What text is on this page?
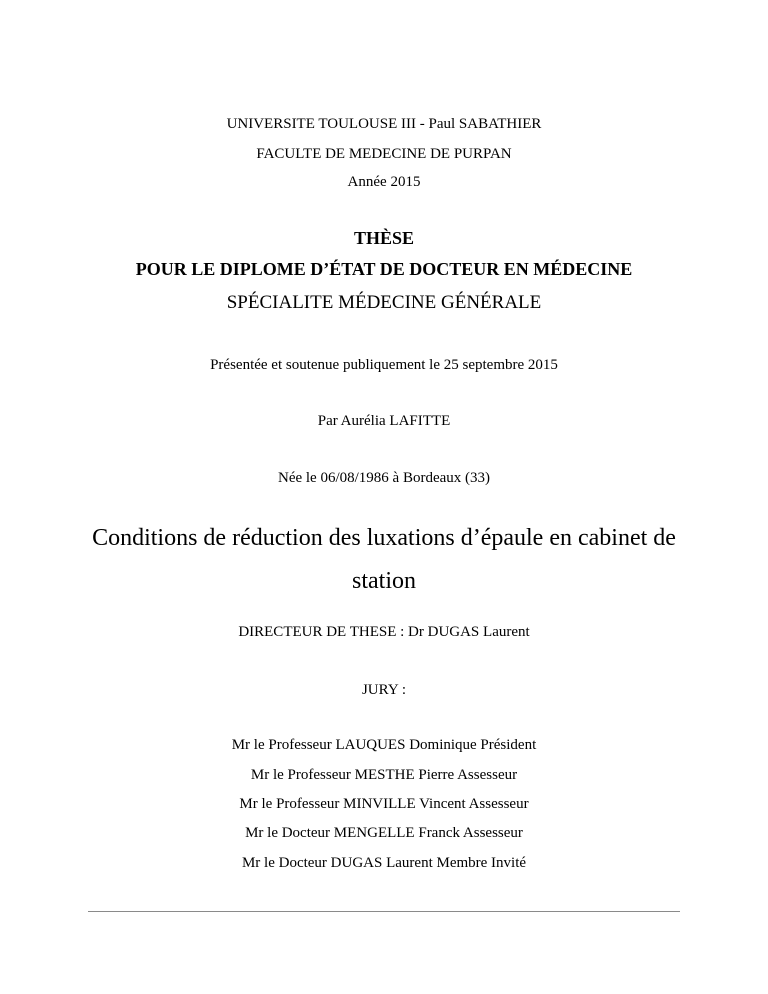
UNIVERSITE TOULOUSE III - Paul SABATHIER
FACULTE DE MEDECINE DE PURPAN
Année 2015
THÈSE
POUR LE DIPLOME D’ÉTAT DE DOCTEUR EN MÉDECINE
SPÉCIALITE MÉDECINE GÉNÉRALE
Présentée et soutenue publiquement le 25 septembre 2015
Par Aurélia LAFITTE
Née le 06/08/1986 à Bordeaux (33)
Conditions de réduction des luxations d’épaule en cabinet de
station
DIRECTEUR DE THESE : Dr DUGAS Laurent
JURY :
Mr le Professeur LAUQUES Dominique Président
Mr le Professeur MESTHE Pierre Assesseur
Mr le Professeur MINVILLE Vincent Assesseur
Mr le Docteur MENGELLE Franck Assesseur
Mr le Docteur DUGAS Laurent Membre Invité
